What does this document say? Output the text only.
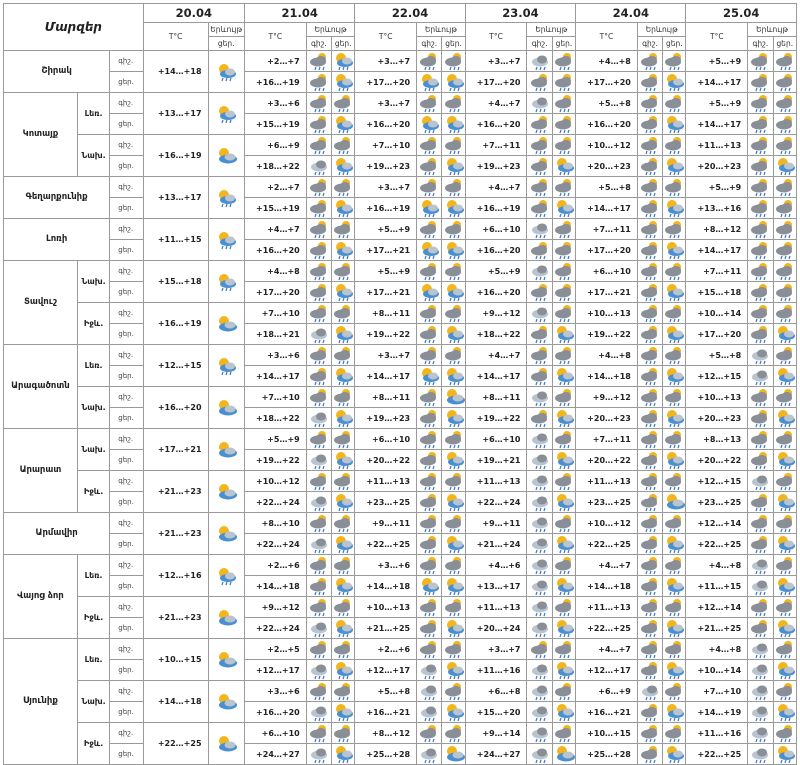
Մարզեր			20.04		21.04			22.04			23.04			24.04			25.04		
			T°C	Երևույթ	T°C	Երևույթ		T°C	Երևույթ		T°C	Երևույթ		T°C	Երևույթ		T°C	Երևույթ	
				ցեր.		գիշ.	ցեր.		գիշ.	ցեր.		գիշ.	ցեր.		գիշ.	ցեր.		գիշ.	ցեր.
Շիրակ		գիշ.	+14…+18		+2…+7			+3…+7			+3…+7			+4…+8			+5…+9	

		ցեր.			+16…+19			+17…+20			+17…+20			+17…+20			+14…+17	

Կոտայք	Լեռ.	գիշ.	+13…+17		+3…+6			+3…+7			+4…+7			+5…+8			+5…+9	

		ցեր.			+15…+19			+16…+20			+16…+20			+16…+20			+14…+17	

	Նախ.	գիշ.	+16…+19		+6…+9			+7…+10			+7…+11			+10…+12			+11…+13	

		ցեր.			+18…+22			+19…+23			+19…+23			+20…+23			+20…+23	

Գեղարքունիք		գիշ.	+13…+17		+2…+7			+3…+7			+4…+7			+5…+8			+5…+9	

		ցեր.			+15…+19			+16…+19			+16…+19			+14…+17			+13…+16	

Լոռի		գիշ.	+11…+15		+4…+7			+5…+9			+6…+10			+7…+11			+8…+12	

		ցեր.			+16…+20			+17…+21			+16…+20			+17…+20			+14…+17	

Տավուշ	Նախ.	գիշ.	+15…+18		+4…+8			+5…+9			+5…+9			+6…+10			+7…+11	

		ցեր.			+17…+20			+17…+21			+16…+20			+17…+21			+15…+18	

	Իջև.	գիշ.	+16…+19		+7…+10			+8…+11			+9…+12			+10…+13			+10…+14	

		ցեր.			+18…+21			+19…+22			+18…+22			+19…+22			+17…+20	

Արագածոտն	Լեռ.	գիշ.	+12…+15		+3…+6			+3…+7			+4…+7			+4…+8			+5…+8	

		ցեր.			+14…+17			+14…+17			+14…+17			+14…+18			+12…+15	

	Նախ.	գիշ.	+16…+20		+7…+10			+8…+11			+8…+11			+9…+12			+10…+13	

		ցեր.			+18…+22			+19…+23			+19…+22			+20…+23			+20…+23	

Արարատ	Նախ.	գիշ.	+17…+21		+5…+9			+6…+10			+6…+10			+7…+11			+8…+13	

		ցեր.			+19…+22			+20…+22			+19…+21			+20…+22			+20…+22	

	Իջև.	գիշ.	+21…+23		+10…+12			+11…+13			+11…+13			+11…+13			+12…+15	

		ցեր.			+22…+24			+23…+25			+22…+24			+23…+25			+23…+25	

Արմավիր		գիշ.	+21…+23		+8…+10			+9…+11			+9…+11			+10…+12			+12…+14	

		ցեր.			+22…+24			+22…+25			+21…+24			+22…+25			+22…+25	

Վայոց ձոր	Լեռ.	գիշ.	+12…+16		+2…+6			+3…+6			+4…+6			+4…+7			+4…+8	

		ցեր.			+14…+18			+14…+18			+13…+17			+14…+18			+11…+15	

	Իջև.	գիշ.	+21…+23		+9…+12			+10…+13			+11…+13			+11…+13			+12…+14	

		ցեր.			+22…+24			+21…+25			+20…+24			+22…+25			+21…+25	

Սյունիք	Լեռ.	գիշ.	+10…+15		+2…+5			+2…+6			+3…+7			+4…+7			+4…+8	

		ցեր.			+12…+17			+12…+17			+11…+16			+12…+17			+10…+14	

	Նախ.	գիշ.	+14…+18		+3…+6			+5…+8			+6…+8			+6…+9			+7…+10	

		ցեր.			+16…+20			+16…+21			+15…+20			+16…+21			+14…+19	

	Իջև.	գիշ.	+22…+25		+6…+10			+8…+12			+9…+14			+10…+15			+11…+16	

		ցեր.			+24…+27			+25…+28			+24…+27			+25…+28			+22…+25	
